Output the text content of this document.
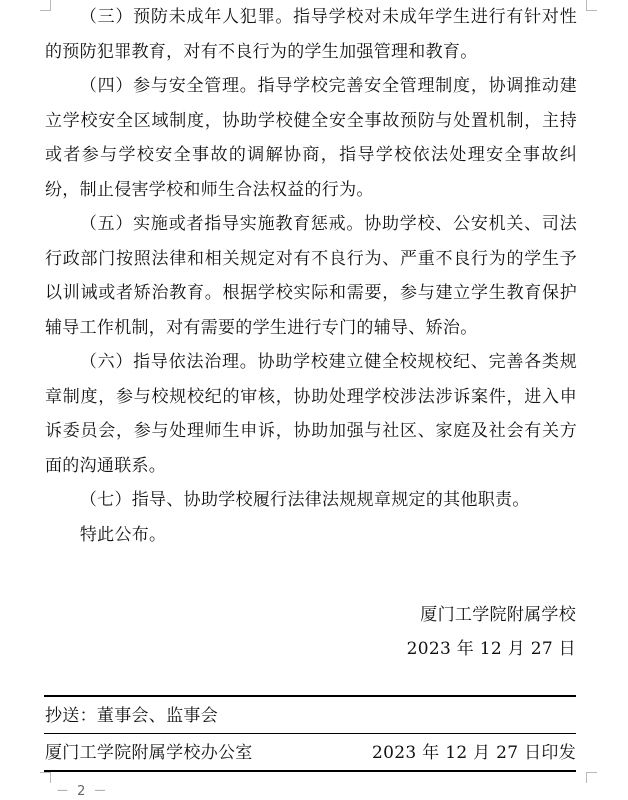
（三）预防未成年人犯罪。指导学校对未成年学生进行有针对性的预防犯罪教育，对有不良行为的学生加强管理和教育。

（四）参与安全管理。指导学校完善安全管理制度，协调推动建立学校安全区域制度，协助学校健全安全事故预防与处置机制，主持或者参与学校安全事故的调解协商，指导学校依法处理安全事故纠纷，制止侵害学校和师生合法权益的行为。

（五）实施或者指导实施教育惩戒。协助学校、公安机关、司法行政部门按照法律和相关规定对有不良行为、严重不良行为的学生予以训诫或者矫治教育。根据学校实际和需要，参与建立学生教育保护辅导工作机制，对有需要的学生进行专门的辅导、矫治。

（六）指导依法治理。协助学校建立健全校规校纪、完善各类规章制度，参与校规校纪的审核，协助处理学校涉法涉诉案件，进入申诉委员会，参与处理师生申诉，协助加强与社区、家庭及社会有关方面的沟通联系。

（七）指导、协助学校履行法律法规规章规定的其他职责。

特此公布。

厦门工学院附属学校
2023 年 12 月 27 日
抄送：董事会、监事会
厦门工学院附属学校办公室	2023 年 12 月 27 日印发
－ 2 －
